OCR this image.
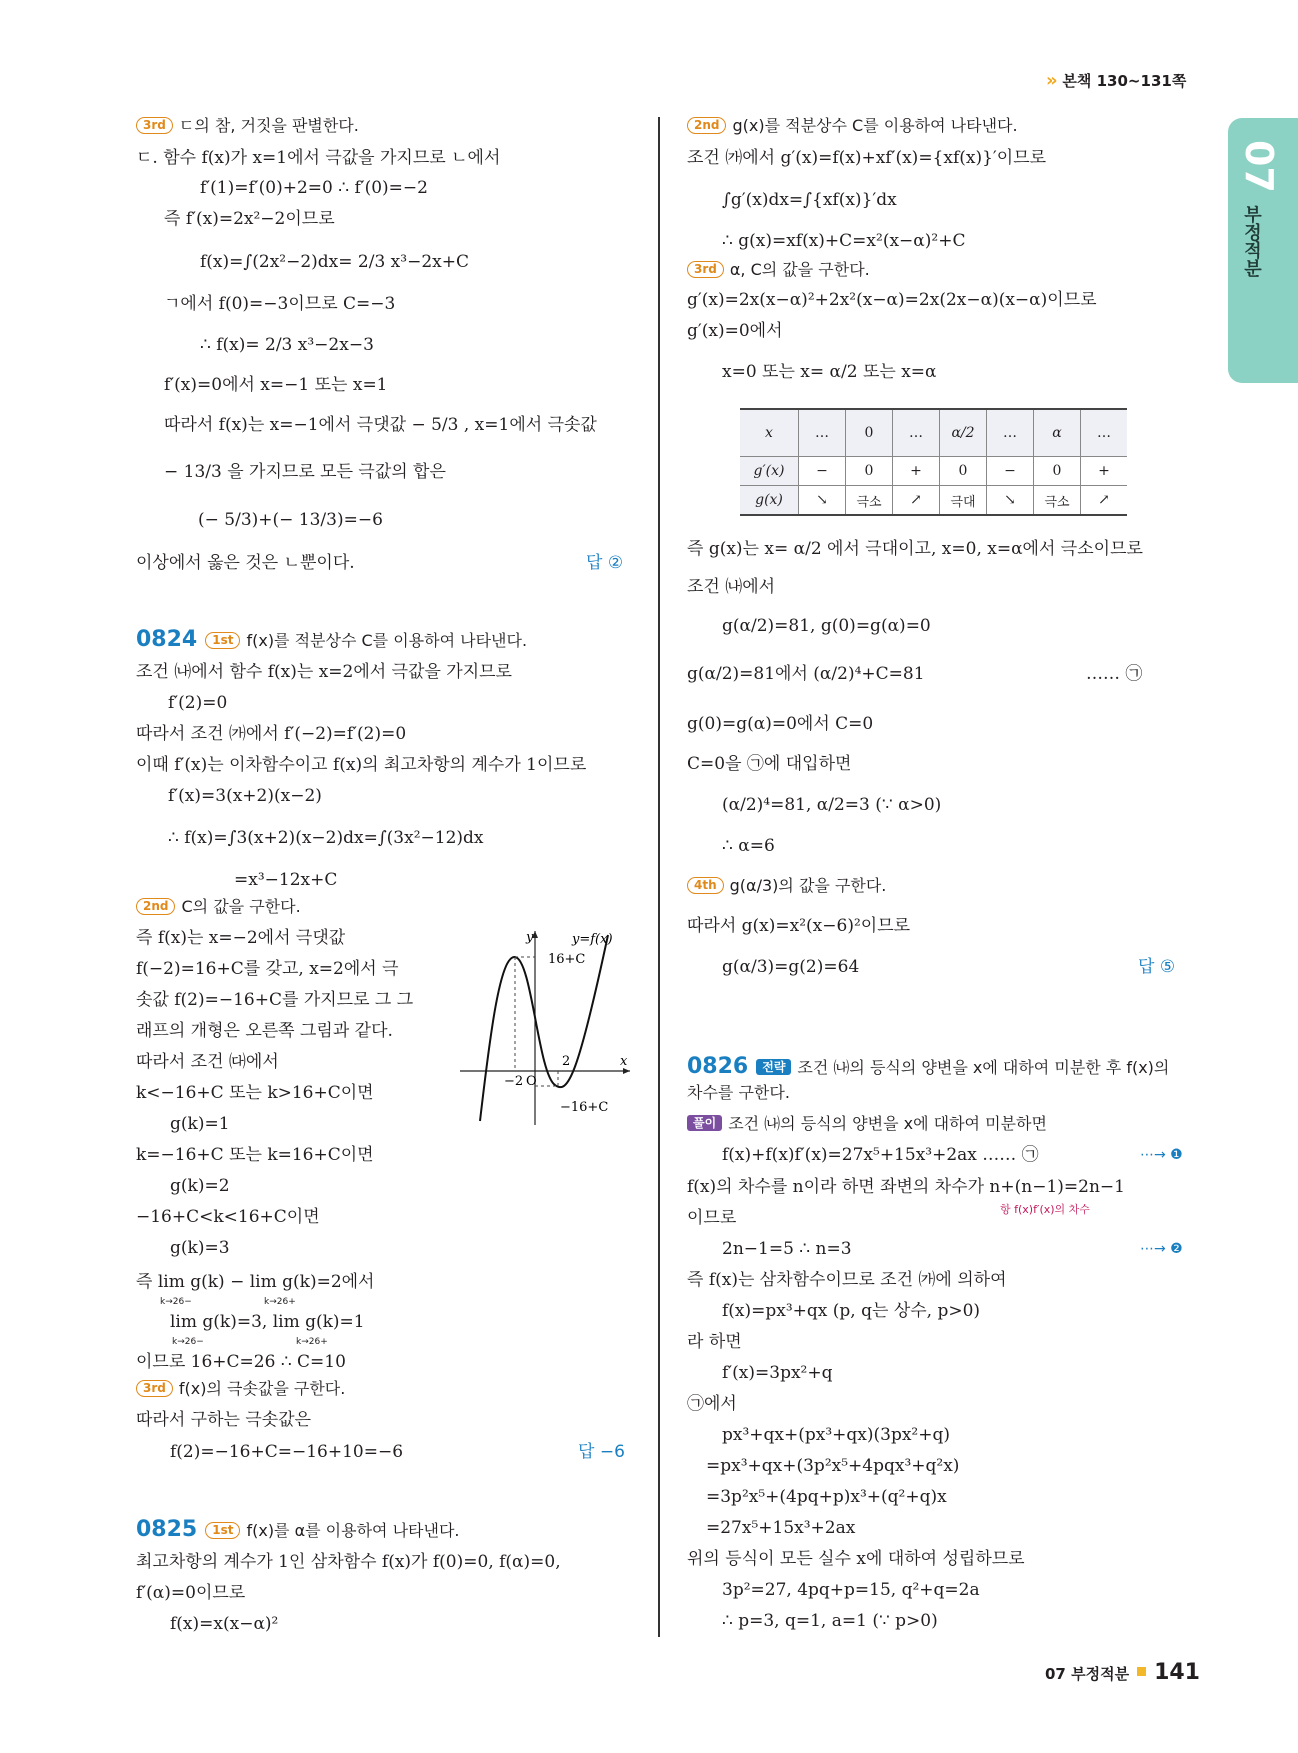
» 본책 130~131쪽
07
부정적분
3rd ㄷ의 참, 거짓을 판별한다.
ㄷ. 함수 f(x)가 x=1에서 극값을 가지므로 ㄴ에서
f′(1)=f′(0)+2=0 ∴ f′(0)=−2
즉 f′(x)=2x²−2이므로
f(x)=∫(2x²−2)dx= 2/3 x³−2x+C
ㄱ에서 f(0)=−3이므로 C=−3
∴ f(x)= 2/3 x³−2x−3
f′(x)=0에서 x=−1 또는 x=1
따라서 f(x)는 x=−1에서 극댓값 − 5/3 , x=1에서 극솟값
− 13/3 을 가지므로 모든 극값의 합은
(− 5/3)+(− 13/3)=−6
이상에서 옳은 것은 ㄴ뿐이다.	답 ②
0824 1st f(x)를 적분상수 C를 이용하여 나타낸다.
조건 ㈏에서 함수 f(x)는 x=2에서 극값을 가지므로
f′(2)=0
따라서 조건 ㈎에서 f′(−2)=f′(2)=0
이때 f′(x)는 이차함수이고 f(x)의 최고차항의 계수가 1이므로
f′(x)=3(x+2)(x−2)
∴ f(x)=∫3(x+2)(x−2)dx=∫(3x²−12)dx
=x³−12x+C
2nd C의 값을 구한다.
즉 f(x)는 x=−2에서 극댓값
f(−2)=16+C를 갖고, x=2에서 극
솟값 f(2)=−16+C를 가지므로 그 그
래프의 개형은 오른쪽 그림과 같다.
따라서 조건 ㈐에서
k<−16+C 또는 k>16+C이면
g(k)=1
k=−16+C 또는 k=16+C이면
g(k)=2
−16+C<k<16+C이면
g(k)=3
즉 lim g(k) − lim g(k)=2에서
k→26−	k→26+
lim g(k)=3, lim g(k)=1
k→26−	k→26+
이므로 16+C=26 ∴ C=10
3rd f(x)의 극솟값을 구한다.
따라서 구하는 극솟값은
f(2)=−16+C=−16+10=−6	답 −6
0825 1st f(x)를 α를 이용하여 나타낸다.
최고차항의 계수가 1인 삼차함수 f(x)가 f(0)=0, f(α)=0,
f′(α)=0이므로
f(x)=x(x−α)²
y	y=f(x)
16+C
−16+C
x
−2 O
2
2nd g(x)를 적분상수 C를 이용하여 나타낸다.
조건 ㈎에서 g′(x)=f(x)+xf′(x)={xf(x)}′이므로
∫g′(x)dx=∫{xf(x)}′dx
∴ g(x)=xf(x)+C=x²(x−α)²+C
3rd α, C의 값을 구한다.
g′(x)=2x(x−α)²+2x²(x−α)=2x(2x−α)(x−α)이므로
g′(x)=0에서
x=0 또는 x= α/2 또는 x=α
x	…	0	…	α/2	…	α	…
g′(x)	−	0	+	0	−	0	+
g(x)	↘	극소	↗	극대	↘	극소	↗
즉 g(x)는 x= α/2 에서 극대이고, x=0, x=α에서 극소이므로
조건 ㈏에서
g(α/2)=81, g(0)=g(α)=0
g(α/2)=81에서 (α/2)⁴+C=81	…… ㉠
g(0)=g(α)=0에서 C=0
C=0을 ㉠에 대입하면
(α/2)⁴=81, α/2=3 (∵ α>0)
∴ α=6
4th g(α/3)의 값을 구한다.
따라서 g(x)=x²(x−6)²이므로
g(α/3)=g(2)=64	답 ⑤
0826 전략 조건 ㈏의 등식의 양변을 x에 대하여 미분한 후 f(x)의
차수를 구한다.
풀이 조건 ㈏의 등식의 양변을 x에 대하여 미분하면
f(x)+f(x)f′(x)=27x⁵+15x³+2ax …… ㉠	⋯→ ❶
f(x)의 차수를 n이라 하면 좌변의 차수가 n+(n−1)=2n−1
항 f(x)f′(x)의 차수
이므로
2n−1=5 ∴ n=3	⋯→ ❷
즉 f(x)는 삼차함수이므로 조건 ㈎에 의하여
f(x)=px³+qx (p, q는 상수, p>0)
라 하면
f′(x)=3px²+q
㉠에서
px³+qx+(px³+qx)(3px²+q)
=px³+qx+(3p²x⁵+4pqx³+q²x)
=3p²x⁵+(4pq+p)x³+(q²+q)x
=27x⁵+15x³+2ax
위의 등식이 모든 실수 x에 대하여 성립하므로
3p²=27, 4pq+p=15, q²+q=2a
∴ p=3, q=1, a=1 (∵ p>0)
07 부정적분 141
